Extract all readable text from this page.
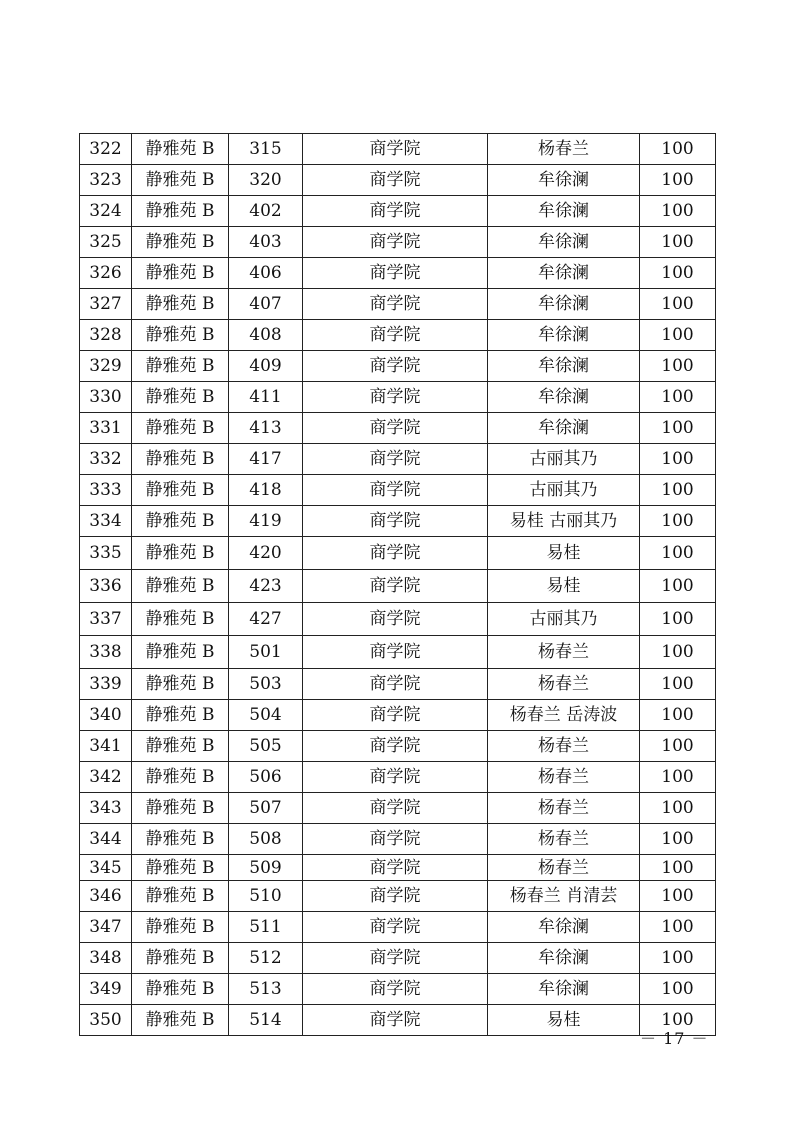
322	静雅苑 B	315	商学院	杨春兰	100
323	静雅苑 B	320	商学院	牟徐澜	100
324	静雅苑 B	402	商学院	牟徐澜	100
325	静雅苑 B	403	商学院	牟徐澜	100
326	静雅苑 B	406	商学院	牟徐澜	100
327	静雅苑 B	407	商学院	牟徐澜	100
328	静雅苑 B	408	商学院	牟徐澜	100
329	静雅苑 B	409	商学院	牟徐澜	100
330	静雅苑 B	411	商学院	牟徐澜	100
331	静雅苑 B	413	商学院	牟徐澜	100
332	静雅苑 B	417	商学院	古丽其乃	100
333	静雅苑 B	418	商学院	古丽其乃	100
334	静雅苑 B	419	商学院	易桂 古丽其乃	100
335	静雅苑 B	420	商学院	易桂	100
336	静雅苑 B	423	商学院	易桂	100
337	静雅苑 B	427	商学院	古丽其乃	100
338	静雅苑 B	501	商学院	杨春兰	100
339	静雅苑 B	503	商学院	杨春兰	100
340	静雅苑 B	504	商学院	杨春兰 岳涛波	100
341	静雅苑 B	505	商学院	杨春兰	100
342	静雅苑 B	506	商学院	杨春兰	100
343	静雅苑 B	507	商学院	杨春兰	100
344	静雅苑 B	508	商学院	杨春兰	100
345	静雅苑 B	509	商学院	杨春兰	100
346	静雅苑 B	510	商学院	杨春兰 肖清芸	100
347	静雅苑 B	511	商学院	牟徐澜	100
348	静雅苑 B	512	商学院	牟徐澜	100
349	静雅苑 B	513	商学院	牟徐澜	100
350	静雅苑 B	514	商学院	易桂	100
－ 17 －
